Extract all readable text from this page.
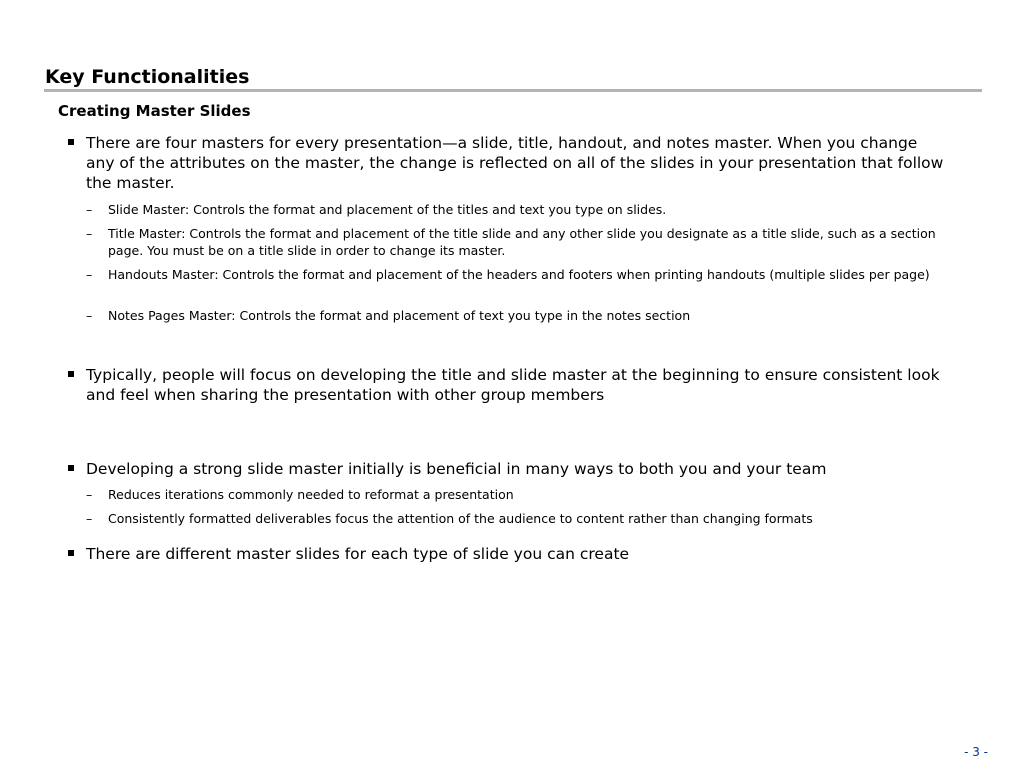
Key Functionalities
Creating Master Slides
There are four masters for every presentation—a slide, title, handout, and notes master. When you change any of the attributes on the master, the change is reflected on all of the slides in your presentation that follow the master.
– Slide Master: Controls the format and placement of the titles and text you type on slides.
– Title Master: Controls the format and placement of the title slide and any other slide you designate as a title slide, such as a section page. You must be on a title slide in order to change its master.
– Handouts Master: Controls the format and placement of the headers and footers when printing handouts (multiple slides per page)
– Notes Pages Master: Controls the format and placement of text you type in the notes section
Typically, people will focus on developing the title and slide master at the beginning to ensure consistent look and feel when sharing the presentation with other group members
Developing a strong slide master initially is beneficial in many ways to both you and your team
– Reduces iterations commonly needed to reformat a presentation
– Consistently formatted deliverables focus the attention of the audience to content rather than changing formats
There are different master slides for each type of slide you can create
- 3 -
